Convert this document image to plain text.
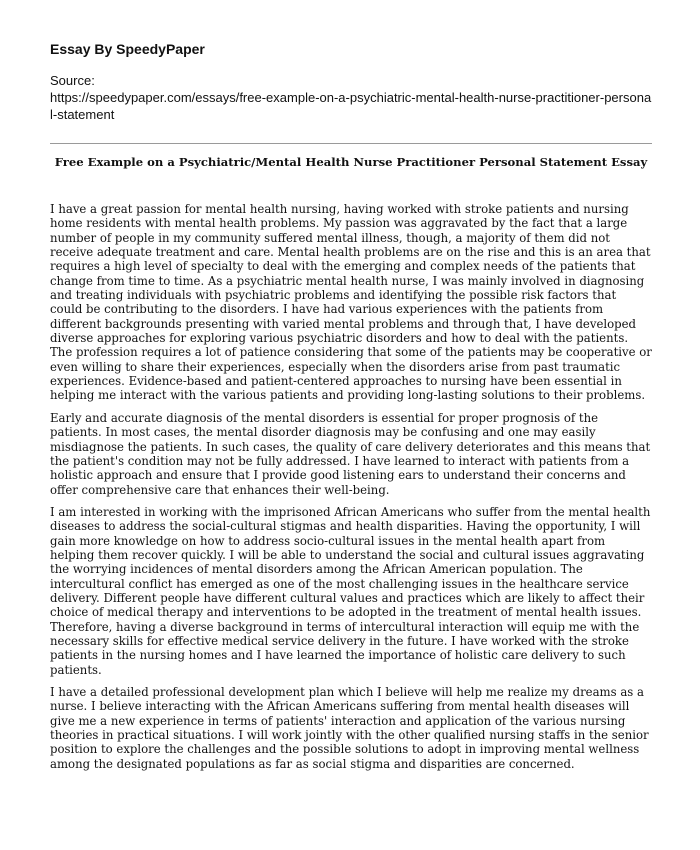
Essay By SpeedyPaper
Source:
https://speedypaper.com/essays/free-example-on-a-psychiatric-mental-health-nurse-practitioner-personal-statement
Free Example on a Psychiatric/Mental Health Nurse Practitioner Personal Statement Essay

I have a great passion for mental health nursing, having worked with stroke patients and nursing home residents with mental health problems. My passion was aggravated by the fact that a large number of people in my community suffered mental illness, though, a majority of them did not receive adequate treatment and care. Mental health problems are on the rise and this is an area that requires a high level of specialty to deal with the emerging and complex needs of the patients that change from time to time. As a psychiatric mental health nurse, I was mainly involved in diagnosing and treating individuals with psychiatric problems and identifying the possible risk factors that could be contributing to the disorders. I have had various experiences with the patients from different backgrounds presenting with varied mental problems and through that, I have developed diverse approaches for exploring various psychiatric disorders and how to deal with the patients. The profession requires a lot of patience considering that some of the patients may be cooperative or even willing to share their experiences, especially when the disorders arise from past traumatic experiences. Evidence-based and patient-centered approaches to nursing have been essential in helping me interact with the various patients and providing long-lasting solutions to their problems.

Early and accurate diagnosis of the mental disorders is essential for proper prognosis of the patients. In most cases, the mental disorder diagnosis may be confusing and one may easily misdiagnose the patients. In such cases, the quality of care delivery deteriorates and this means that the patient's condition may not be fully addressed. I have learned to interact with patients from a holistic approach and ensure that I provide good listening ears to understand their concerns and offer comprehensive care that enhances their well-being.

I am interested in working with the imprisoned African Americans who suffer from the mental health diseases to address the social-cultural stigmas and health disparities. Having the opportunity, I will gain more knowledge on how to address socio-cultural issues in the mental health apart from helping them recover quickly. I will be able to understand the social and cultural issues aggravating the worrying incidences of mental disorders among the African American population. The intercultural conflict has emerged as one of the most challenging issues in the healthcare service delivery. Different people have different cultural values and practices which are likely to affect their choice of medical therapy and interventions to be adopted in the treatment of mental health issues. Therefore, having a diverse background in terms of intercultural interaction will equip me with the necessary skills for effective medical service delivery in the future. I have worked with the stroke patients in the nursing homes and I have learned the importance of holistic care delivery to such patients.

I have a detailed professional development plan which I believe will help me realize my dreams as a nurse. I believe interacting with the African Americans suffering from mental health diseases will give me a new experience in terms of patients' interaction and application of the various nursing theories in practical situations. I will work jointly with the other qualified nursing staffs in the senior position to explore the challenges and the possible solutions to adopt in improving mental wellness among the designated populations as far as social stigma and disparities are concerned.
